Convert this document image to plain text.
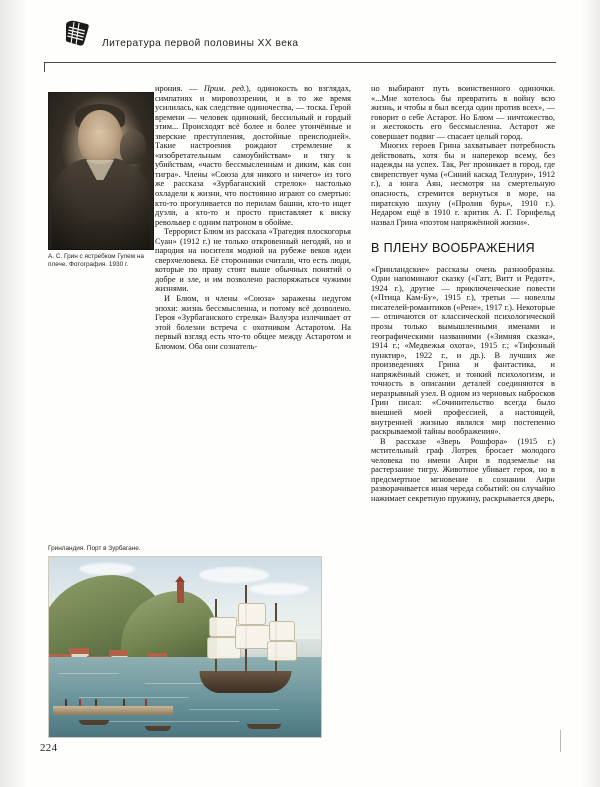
Литература первой половины XX века
А. С. Грин с ястребком Гулем на плече. Фотография. 1930 г.
Гринландия. Порт в Зурбагане.

ирония. — Прим. ред.), одинокость во взглядах, симпатиях и мировоззрении, и в то же время усилилась, как следствие одиночества, — тоска. Герой времени — человек одинокий, бессильный и гордый этим... Происходят всё более и более утончённые и зверские преступления, достойные преисподней». Такие настроения рождают стремление к «изобретательным самоубийствам» и тягу к убийствам, «часто бессмысленным и диким, как сон тигра». Члены «Союза для никого и ничего» из того же рассказа «Зурбаганский стрелок» настолько охладели к жизни, что постоянно играют со смертью: кто-то прогуливается по перилам башни, кто-то ищет дуэли, а кто-то и просто приставляет к виску револьвер с одним патроном в обойме.

Террорист Блюм из рассказа «Трагедия плоскогорья Суан» (1912 г.) не только откровенный негодяй, но и пародия на носителя модной на рубеже веков идеи сверхчеловека. Её сторонники считали, что есть люди, которые по праву стоят выше обычных понятий о добре и зле, и им позволено распоряжаться чужими жизнями.

И Блюм, и члены «Союза» заражены недугом эпохи: жизнь бессмысленна, и потому всё дозволено. Героя «Зурбаганского стрелка» Валуэра излечивает от этой болезни встреча с охотником Астаротом. На первый взгляд есть что-то общее между Астаротом и Блюмом. Оба они сознатель-

но выбирают путь воинственного одиночки. «...Мне хотелось бы превратить в войну всю жизнь, и чтобы я был всегда один против всех», — говорит о себе Астарот. Но Блюм — ничтожество, и жестокость его бессмысленна. Астарот же совершает подвиг — спасает целый город.

Многих героев Грина захватывает потребность действовать, хотя бы и наперекор всему, без надежды на успех. Так, Рег проникает в город, где свирепствует чума («Синий каскад Теллури», 1912 г.), а юнга Аян, несмотря на смертельную опасность, стремится вернуться в море, на пиратскую шхуну («Пролив бурь», 1910 г.). Недаром ещё в 1910 г. критик А. Г. Горнфельд назвал Грина «поэтом напряжённой жизни».

В ПЛЕНУ ВООБРАЖЕНИЯ

«Гринландские» рассказы очень разнообразны. Одни напоминают сказку («Гатт, Витт и Редотт», 1924 г.), другие — приключенческие повести («Птица Кам-Бу», 1915 г.), третьи — новеллы писателей-романтиков («Рене», 1917 г.). Некоторые — отличаются от классической психологической прозы только вымышленными именами и географическими названиями («Зимняя сказка», 1914 г.; «Медвежья охота», 1915 г.; «Тифозный пунктир», 1922 г., и др.). В лучших же произведениях Грина и фантастика, и напряжённый сюжет, и тонкий психологизм, и точность в описании деталей соединяются в неразрывный узел. В одном из черновых набросков Грин писал: «Сочинительство всегда было внешней моей профессией, а настоящей, внутренней жизнью являлся мир постепенно раскрываемой тайны воображения».

В рассказе «Зверь Рошфора» (1915 г.) мстительный граф Лотрек бросает молодого человека по имени Анри в подземелье на растерзание тигру. Животное убивает героя, но в предсмертное мгновение в сознании Анри разворачивается иная череда событий: он случайно нажимает секретную пружину, раскрывается дверь,

224
